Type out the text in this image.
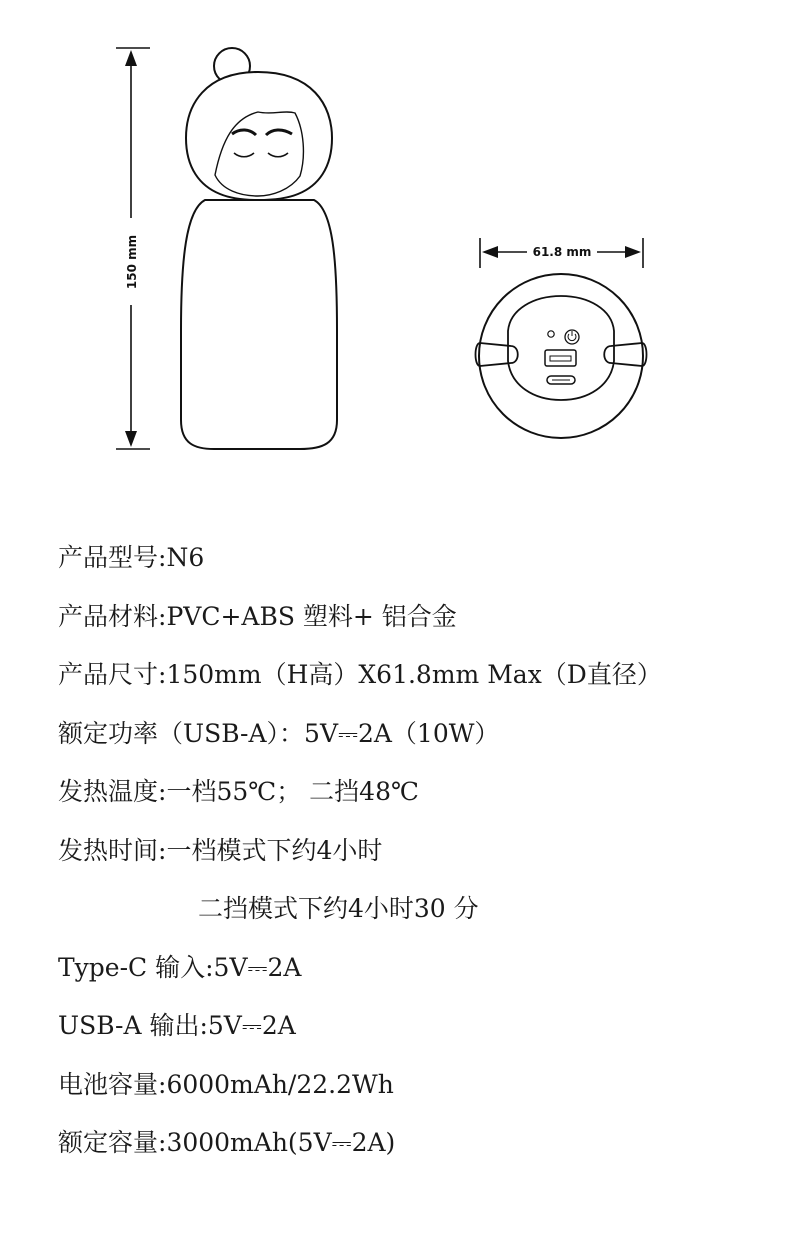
150 mm	61.8 mm
产品型号:N6
产品材料:PVC+ABS 塑料+ 铝合金
产品尺寸:150mm（H高）X61.8mm Max（D直径）
额定功率（USB-A）：5V⎓2A（10W）
发热温度:一档55℃； 二挡48℃
发热时间:一档模式下约4小时
二挡模式下约4小时30 分
Type-C 输入:5V⎓2A
USB-A 输出:5V⎓2A
电池容量:6000mAh/22.2Wh
额定容量:3000mAh(5V⎓2A)
